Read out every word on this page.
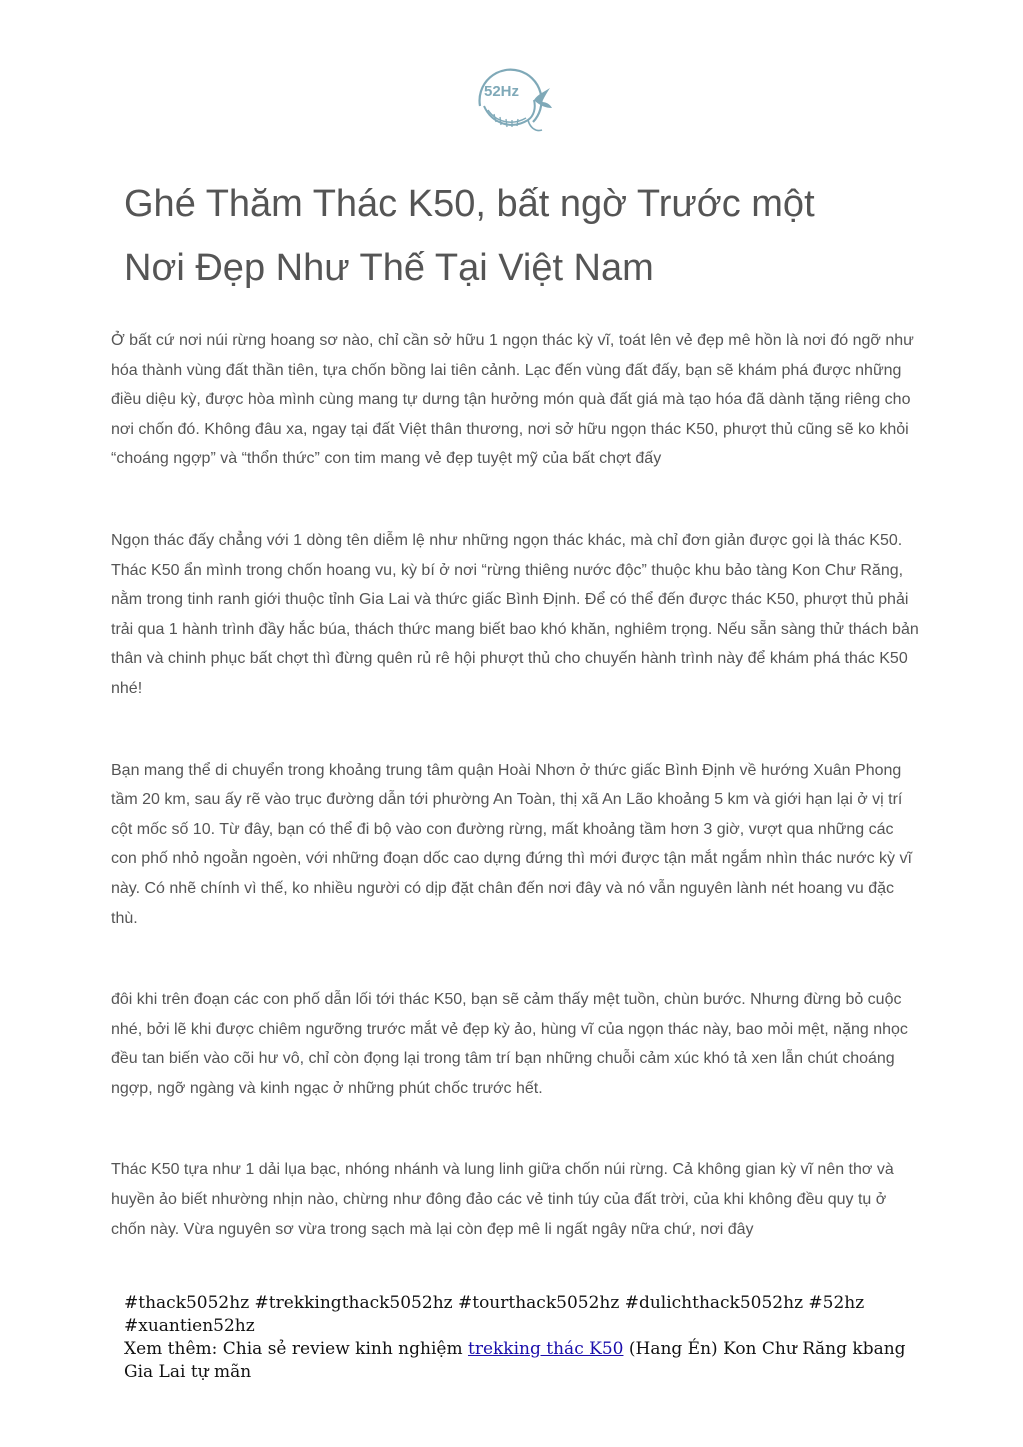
52Hz
Ghé Thăm Thác K50, bất ngờ Trước một
Nơi Đẹp Như Thế Tại Việt Nam

Ở bất cứ nơi núi rừng hoang sơ nào, chỉ cần sở hữu 1 ngọn thác kỳ vĩ, toát lên vẻ đẹp mê hồn là nơi đó ngỡ như hóa thành vùng đất thần tiên, tựa chốn bồng lai tiên cảnh. Lạc đến vùng đất đấy, bạn sẽ khám phá được những điều diệu kỳ, được hòa mình cùng mang tự dưng tận hưởng món quà đất giá mà tạo hóa đã dành tặng riêng cho nơi chốn đó. Không đâu xa, ngay tại đất Việt thân thương, nơi sở hữu ngọn thác K50, phượt thủ cũng sẽ ko khỏi “choáng ngợp” và “thổn thức” con tim mang vẻ đẹp tuyệt mỹ của bất chợt đấy

Ngọn thác đấy chẳng với 1 dòng tên diễm lệ như những ngọn thác khác, mà chỉ đơn giản được gọi là thác K50. Thác K50 ẩn mình trong chốn hoang vu, kỳ bí ở nơi “rừng thiêng nước độc” thuộc khu bảo tàng Kon Chư Răng, nằm trong tinh ranh giới thuộc tỉnh Gia Lai và thức giấc Bình Định. Để có thể đến được thác K50, phượt thủ phải trải qua 1 hành trình đầy hắc búa, thách thức mang biết bao khó khăn, nghiêm trọng. Nếu sẵn sàng thử thách bản thân và chinh phục bất chợt thì đừng quên rủ rê hội phượt thủ cho chuyến hành trình này để khám phá thác K50 nhé!

Bạn mang thể di chuyển trong khoảng trung tâm quận Hoài Nhơn ở thức giấc Bình Định về hướng Xuân Phong tầm 20 km, sau ấy rẽ vào trục đường dẫn tới phường An Toàn, thị xã An Lão khoảng 5 km và giới hạn lại ở vị trí cột mốc số 10. Từ đây, bạn có thể đi bộ vào con đường rừng, mất khoảng tầm hơn 3 giờ, vượt qua những các con phố nhỏ ngoằn ngoèn, với những đoạn dốc cao dựng đứng thì mới được tận mắt ngắm nhìn thác nước kỳ vĩ này. Có nhẽ chính vì thế, ko nhiều người có dịp đặt chân đến nơi đây và nó vẫn nguyên lành nét hoang vu đặc thù.

đôi khi trên đoạn các con phố dẫn lối tới thác K50, bạn sẽ cảm thấy mệt tuồn, chùn bước. Nhưng đừng bỏ cuộc nhé, bởi lẽ khi được chiêm ngưỡng trước mắt vẻ đẹp kỳ ảo, hùng vĩ của ngọn thác này, bao mỏi mệt, nặng nhọc đều tan biến vào cõi hư vô, chỉ còn đọng lại trong tâm trí bạn những chuỗi cảm xúc khó tả xen lẫn chút choáng ngợp, ngỡ ngàng và kinh ngạc ở những phút chốc trước hết.

Thác K50 tựa như 1 dải lụa bạc, nhóng nhánh và lung linh giữa chốn núi rừng. Cả không gian kỳ vĩ nên thơ và huyền ảo biết nhường nhịn nào, chừng như đông đảo các vẻ tinh túy của đất trời, của khi không đều quy tụ ở chốn này. Vừa nguyên sơ vừa trong sạch mà lại còn đẹp mê li ngất ngây nữa chứ, nơi đây

#thack5052hz #trekkingthack5052hz #tourthack5052hz #dulichthack5052hz #52hz
#xuantien52hz
Xem thêm: Chia sẻ review kinh nghiệm trekking thác K50 (Hang Én) Kon Chư Răng kbang
Gia Lai tự mãn
